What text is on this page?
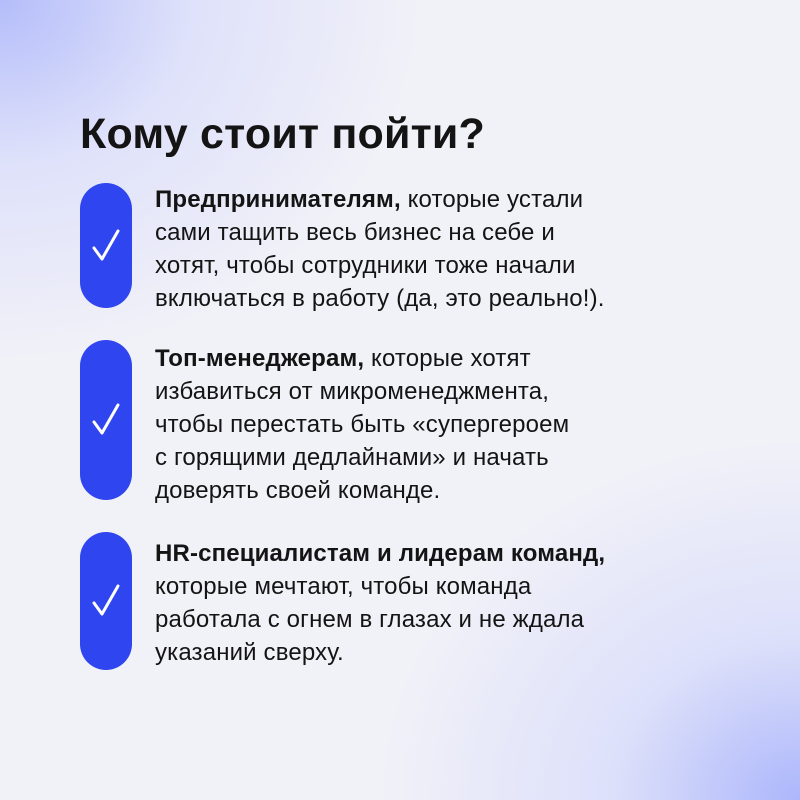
Кому стоит пойти?
Предпринимателям, которые устали
сами тащить весь бизнес на себе и
хотят, чтобы сотрудники тоже начали
включаться в работу (да, это реально!).
Топ-менеджерам, которые хотят
избавиться от микроменеджмента,
чтобы перестать быть «супергероем
с горящими дедлайнами» и начать
доверять своей команде.
HR-специалистам и лидерам команд,
которые мечтают, чтобы команда
работала с огнем в глазах и не ждала
указаний сверху.
